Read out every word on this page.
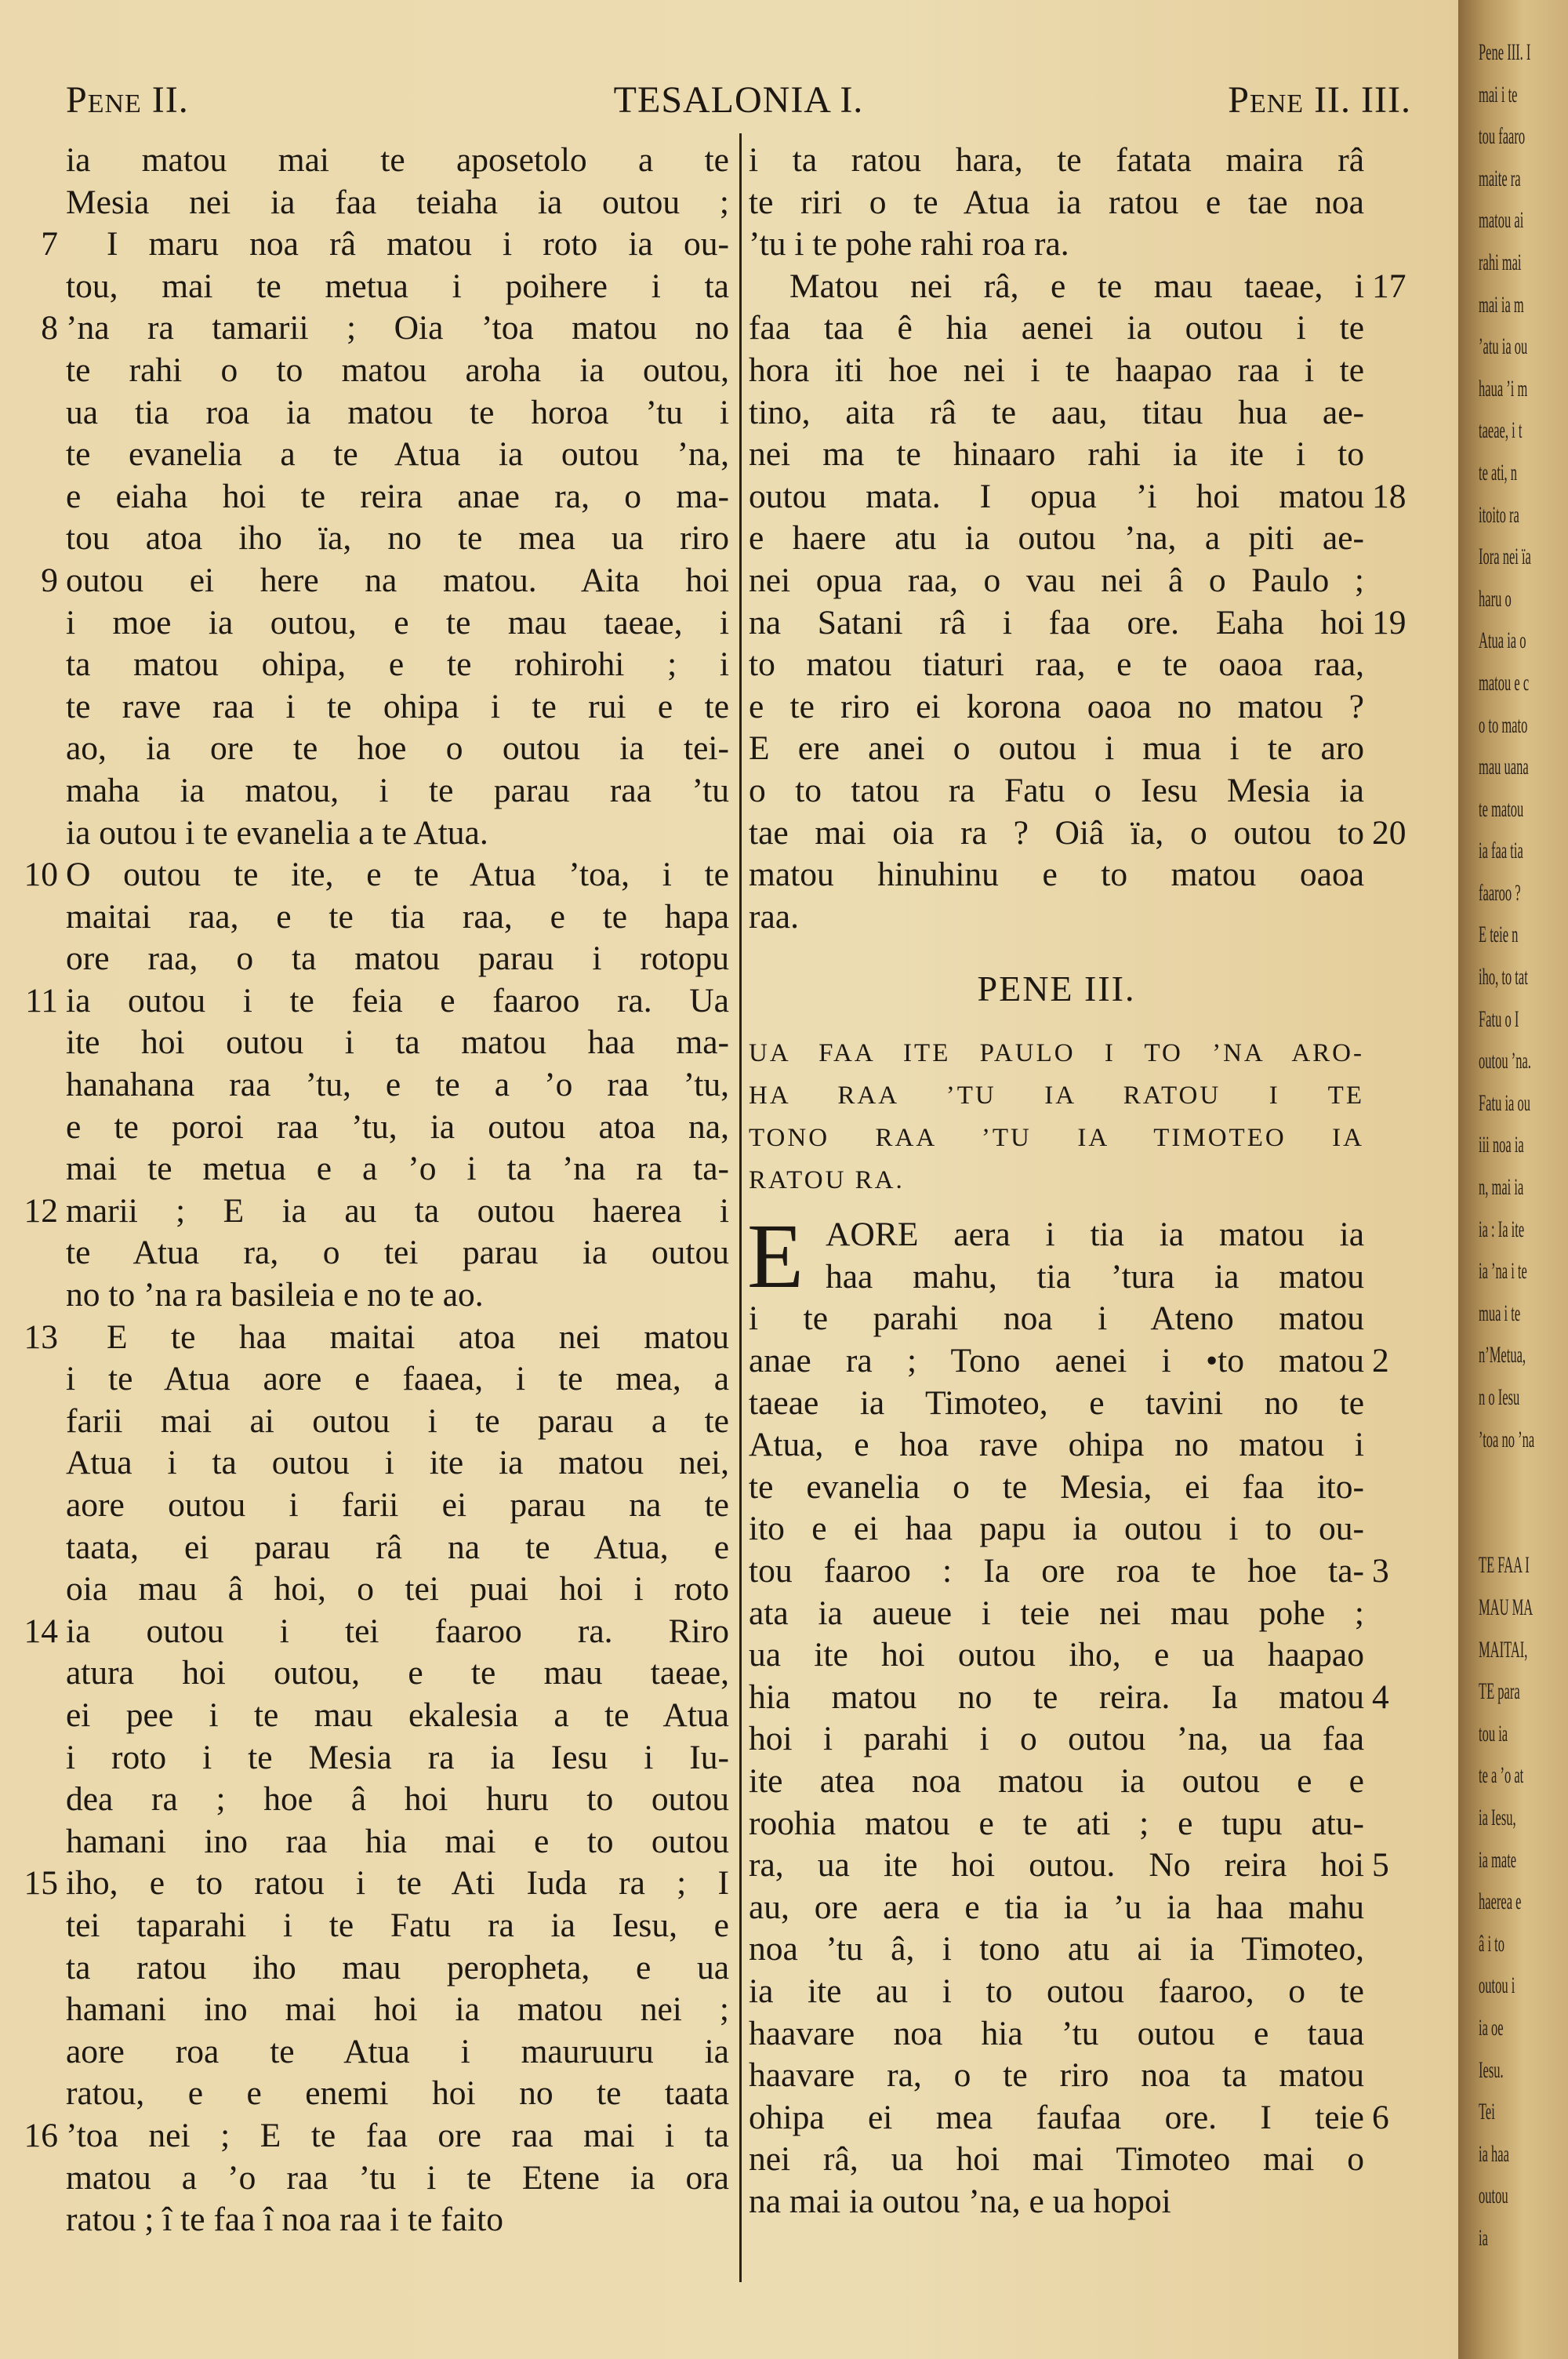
Pene II.	TESALONIA I.	Pene II. III.
ia matou mai te aposetolo a te
Mesia nei ia faa teiaha ia outou ;
I maru noa râ matou i roto ia ou-
7
tou, mai te metua i poihere i ta
’na ra tamarii ; Oia ’toa matou no
8
te rahi o to matou aroha ia outou,
ua tia roa ia matou te horoa ’tu i
te evanelia a te Atua ia outou ’na,
e eiaha hoi te reira anae ra, o ma-
tou atoa iho ïa, no te mea ua riro
outou ei here na matou. Aita hoi
9
i moe ia outou, e te mau taeae, i
ta matou ohipa, e te rohirohi ; i
te rave raa i te ohipa i te rui e te
ao, ia ore te hoe o outou ia tei-
maha ia matou, i te parau raa ’tu
ia outou i te evanelia a te Atua.
O outou te ite, e te Atua ’toa, i te
10
maitai raa, e te tia raa, e te hapa
ore raa, o ta matou parau i rotopu
ia outou i te feia e faaroo ra. Ua
11
ite hoi outou i ta matou haa ma-
hanahana raa ’tu, e te a ’o raa ’tu,
e te poroi raa ’tu, ia outou atoa na,
mai te metua e a ’o i ta ’na ra ta-
marii ; E ia au ta outou haerea i
12
te Atua ra, o tei parau ia outou
no to ’na ra basileia e no te ao.
E te haa maitai atoa nei matou
13
i te Atua aore e faaea, i te mea, a
farii mai ai outou i te parau a te
Atua i ta outou i ite ia matou nei,
aore outou i farii ei parau na te
taata, ei parau râ na te Atua, e
oia mau â hoi, o tei puai hoi i roto
ia outou i tei faaroo ra. Riro
14
atura hoi outou, e te mau taeae,
ei pee i te mau ekalesia a te Atua
i roto i te Mesia ra ia Iesu i Iu-
dea ra ; hoe â hoi huru to outou
hamani ino raa hia mai e to outou
iho, e to ratou i te Ati Iuda ra ; I
15
tei taparahi i te Fatu ra ia Iesu, e
ta ratou iho mau peropheta, e ua
hamani ino mai hoi ia matou nei ;
aore roa te Atua i mauruuru ia
ratou, e e enemi hoi no te taata
’toa nei ; E te faa ore raa mai i ta
16
matou a ’o raa ’tu i te Etene ia ora
ratou ; î te faa î noa raa i te faito
i ta ratou hara, te fatata maira râ
te riri o te Atua ia ratou e tae noa
’tu i te pohe rahi roa ra.
Matou nei râ, e te mau taeae, i 17
faa taa ê hia aenei ia outou i te
hora iti hoe nei i te haapao raa i te
tino, aita râ te aau, titau hua ae-
nei ma te hinaaro rahi ia ite i to
outou mata. I opua ’i hoi matou 18
e haere atu ia outou ’na, a piti ae-
nei opua raa, o vau nei â o Paulo ;
na Satani râ i faa ore. Eaha hoi 19
to matou tiaturi raa, e te oaoa raa,
e te riro ei korona oaoa no matou ?
E ere anei o outou i mua i te aro
o to tatou ra Fatu o Iesu Mesia ia
tae mai oia ra ? Oiâ ïa, o outou to 20
matou hinuhinu e to matou oaoa
raa.
PENE III.
UA FAA ITE PAULO I TO ’NA ARO-
HA RAA ’TU IA RATOU I TE
TONO RAA ’TU IA TIMOTEO IA
RATOU RA.
E AORE aera i tia ia matou ia
haa mahu, tia ’tura ia matou
i te parahi noa i Ateno matou
anae ra ; Tono aenei i •to matou 2
taeae ia Timoteo, e tavini no te
Atua, e hoa rave ohipa no matou i
te evanelia o te Mesia, ei faa ito-
ito e ei haa papu ia outou i to ou-
tou faaroo : Ia ore roa te hoe ta- 3
ata ia aueue i teie nei mau pohe ;
ua ite hoi outou iho, e ua haapao
hia matou no te reira. Ia matou 4
hoi i parahi i o outou ’na, ua faa
ite atea noa matou ia outou e e
roohia matou e te ati ; e tupu atu-
ra, ua ite hoi outou. No reira hoi 5
au, ore aera e tia ia ’u ia haa mahu
noa ’tu â, i tono atu ai ia Timoteo,
ia ite au i to outou faaroo, o te
haavare noa hia ’tu outou e taua
haavare ra, o te riro noa ta matou
ohipa ei mea faufaa ore. I teie 6
nei râ, ua hoi mai Timoteo mai o
na mai ia outou ’na, e ua hopoi
Pene III. I
mai i te
tou faaro
maite ra
matou ai
rahi mai
mai ia m
’atu ia ou
haua ’i m
taeae, i t
te ati, n
itoito ra
Iora nei ïa
haru o
Atua ia o
matou e c
o to mato
mau uana
te matou
ia faa tia
faaroo ?
E teie n
iho, to tat
Fatu o I
outou ’na.
Fatu ia ou
iii noa ia
n, mai ia
ia : Ia ite
ia ’na i te
mua i te
n’Metua,
n o Iesu
’toa no ’na
TE FAA I
MAU MA
MAITAI,
TE para
tou ia
te a ’o at
ia Iesu,
ia mate
haerea e
â i to
outou i
ia oe
Iesu.
Tei
ia haa
outou
ia
